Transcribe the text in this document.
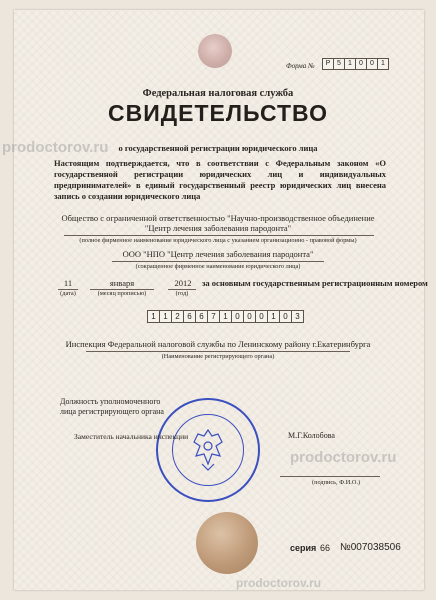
Форма №	Р 5	1	0	0	1
Федеральная налоговая служба
СВИДЕТЕЛЬСТВО
prodoctorov.ru
prodoctorov.ru
prodoctorov.ru
о государственной регистрации юридического лица
Настоящим подтверждается, что в соответствии с Федеральным законом «О государственной регистрации юридических лиц и индивидуальных предпринимателей» в единый государственный реестр юридических лиц внесена запись о создании юридического лица
Общество с ограниченной ответственностью "Научно-производственное объединение
"Центр лечения заболевания пародонта"
(полное фирменное наименование юридического лица с указанием организационно - правовой формы)
ООО "НПО "Центр лечения заболевания пародонта"
(сокращенное фирменное наименование юридического лица)
11
(дата)
января
(месяц прописью)
2012
(год)
за основным государственным регистрационным номером
1 1 2 6 6 7 1 0 0 0 1 0 3
Инспекция Федеральной налоговой службы по Ленинскому району г.Екатеринбурга
(Наименование регистрирующего органа)
Должность уполномоченного
лица регистрирующего органа
Заместитель начальника инспекции	М.Г.Колобова
(подпись, Ф.И.О.)
серия 66 №007038506
